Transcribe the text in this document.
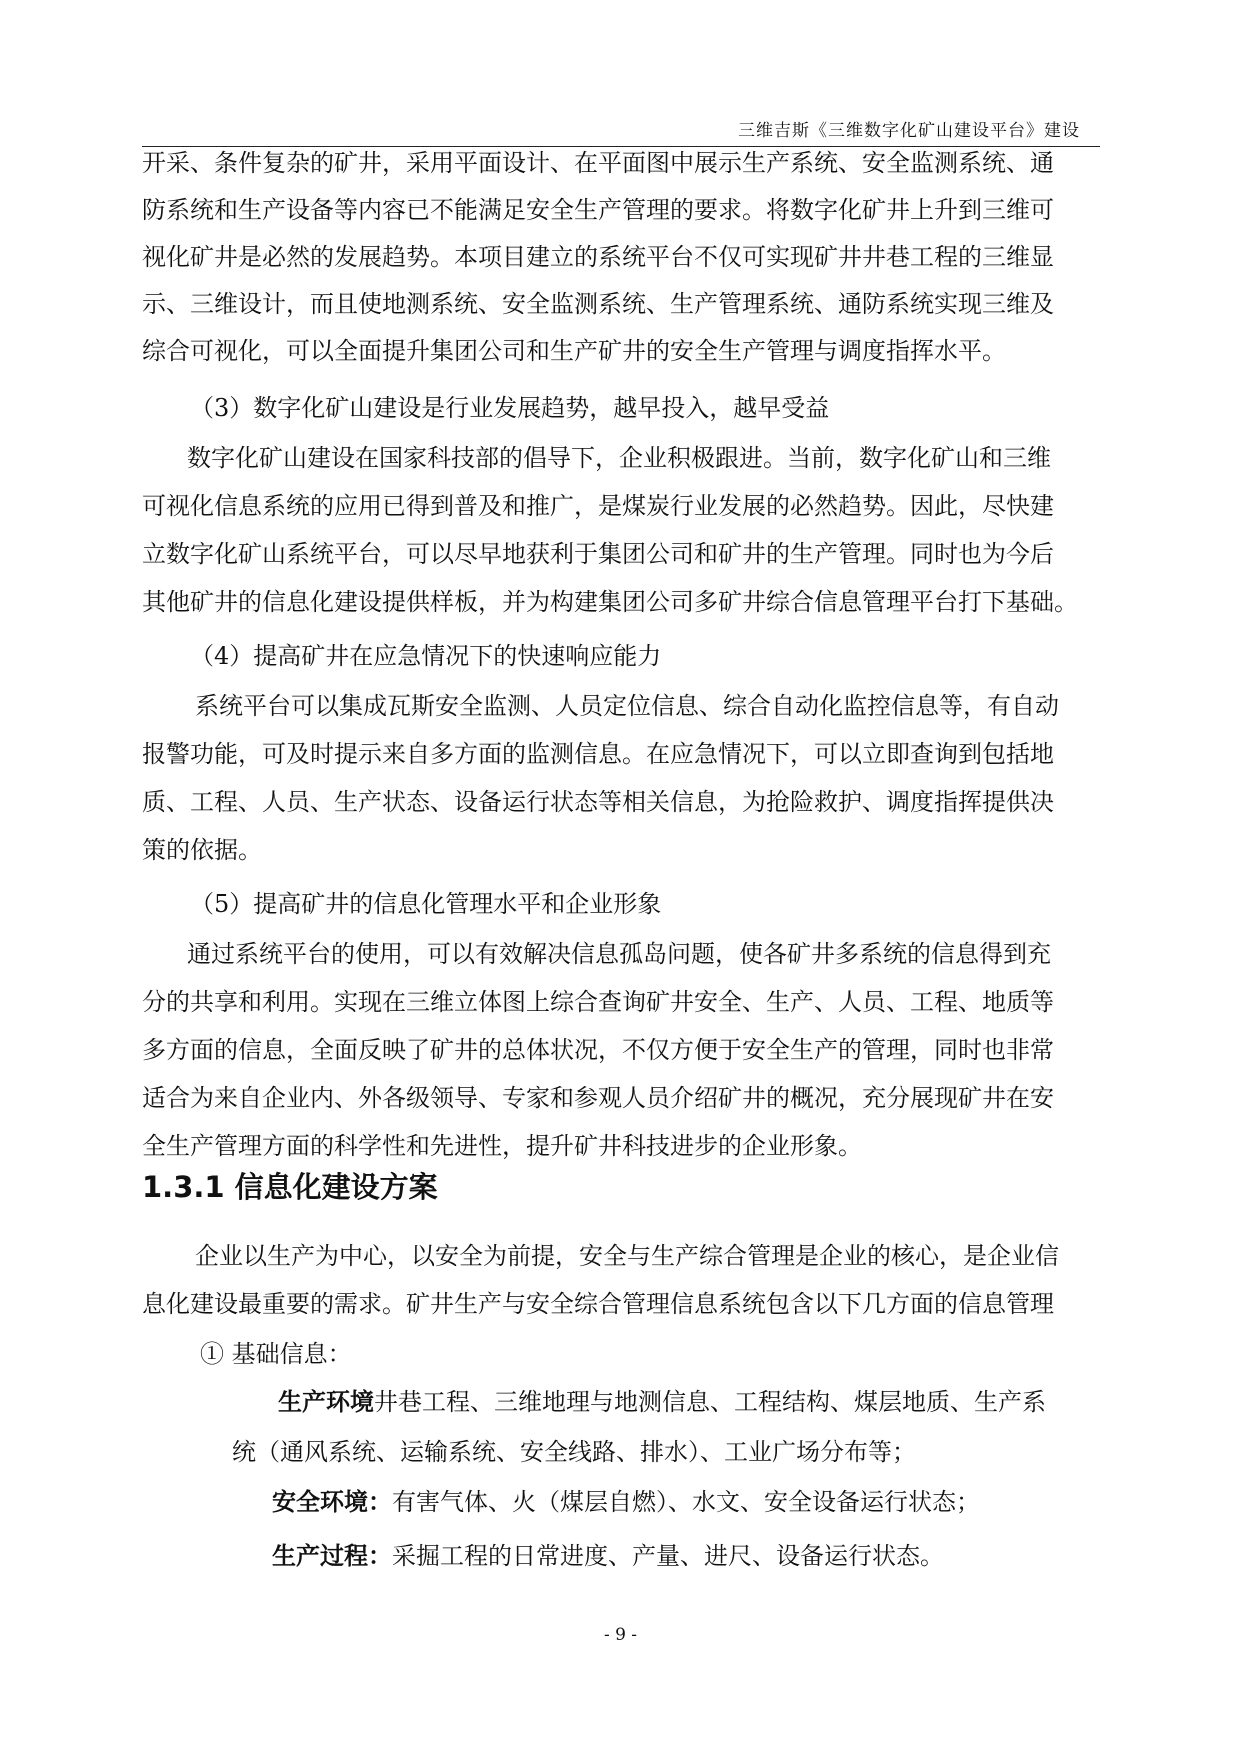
三维吉斯《三维数字化矿山建设平台》建设
开采、条件复杂的矿井，采用平面设计、在平面图中展示生产系统、安全监测系统、通
防系统和生产设备等内容已不能满足安全生产管理的要求。将数字化矿井上升到三维可
视化矿井是必然的发展趋势。本项目建立的系统平台不仅可实现矿井井巷工程的三维显
示、三维设计，而且使地测系统、安全监测系统、生产管理系统、通防系统实现三维及
综合可视化，可以全面提升集团公司和生产矿井的安全生产管理与调度指挥水平。
（3）数字化矿山建设是行业发展趋势，越早投入，越早受益
数字化矿山建设在国家科技部的倡导下，企业积极跟进。当前，数字化矿山和三维
可视化信息系统的应用已得到普及和推广，是煤炭行业发展的必然趋势。因此，尽快建
立数字化矿山系统平台，可以尽早地获利于集团公司和矿井的生产管理。同时也为今后
其他矿井的信息化建设提供样板，并为构建集团公司多矿井综合信息管理平台打下基础。
（4）提高矿井在应急情况下的快速响应能力
系统平台可以集成瓦斯安全监测、人员定位信息、综合自动化监控信息等，有自动
报警功能，可及时提示来自多方面的监测信息。在应急情况下，可以立即查询到包括地
质、工程、人员、生产状态、设备运行状态等相关信息，为抢险救护、调度指挥提供决
策的依据。
（5）提高矿井的信息化管理水平和企业形象
通过系统平台的使用，可以有效解决信息孤岛问题，使各矿井多系统的信息得到充
分的共享和利用。实现在三维立体图上综合查询矿井安全、生产、人员、工程、地质等
多方面的信息，全面反映了矿井的总体状况，不仅方便于安全生产的管理，同时也非常
适合为来自企业内、外各级领导、专家和参观人员介绍矿井的概况，充分展现矿井在安
全生产管理方面的科学性和先进性，提升矿井科技进步的企业形象。
1.3.1 信息化建设方案
企业以生产为中心，以安全为前提，安全与生产综合管理是企业的核心，是企业信
息化建设最重要的需求。矿井生产与安全综合管理信息系统包含以下几方面的信息管理
① 基础信息：
生产环境井巷工程、三维地理与地测信息、工程结构、煤层地质、生产系
统（通风系统、运输系统、安全线路、排水）、工业广场分布等；
安全环境：有害气体、火（煤层自燃）、水文、安全设备运行状态；
生产过程：采掘工程的日常进度、产量、进尺、设备运行状态。
- 9 -
